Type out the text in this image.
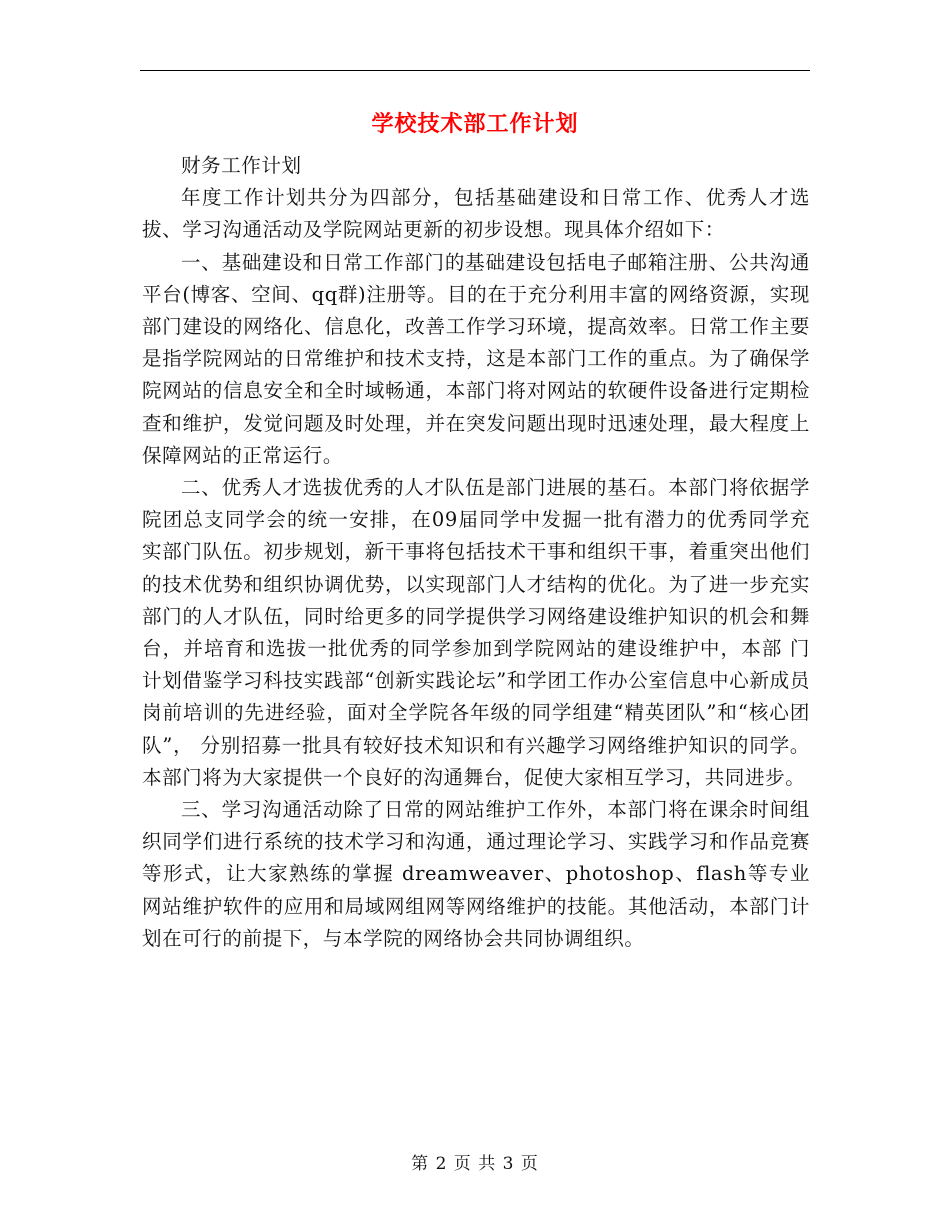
学校技术部工作计划

财务工作计划

年度工作计划共分为四部分，包括基础建设和日常工作、优秀人才选拔、学习沟通活动及学院网站更新的初步设想。现具体介绍如下：

一、基础建设和日常工作部门的基础建设包括电子邮箱注册、公共沟通平台(博客、空间、qq群)注册等。目的在于充分利用丰富的网络资源，实现部门建设的网络化、信息化，改善工作学习环境，提高效率。日常工作主要是指学院网站的日常维护和技术支持，这是本部门工作的重点。为了确保学院网站的信息安全和全时域畅通，本部门将对网站的软硬件设备进行定期检查和维护，发觉问题及时处理，并在突发问题出现时迅速处理，最大程度上保障网站的正常运行。

二、优秀人才选拔优秀的人才队伍是部门进展的基石。本部门将依据学院团总支同学会的统一安排，在09届同学中发掘一批有潜力的优秀同学充实部门队伍。初步规划，新干事将包括技术干事和组织干事，着重突出他们的技术优势和组织协调优势，以实现部门人才结构的优化。为了进一步充实部门的人才队伍，同时给更多的同学提供学习网络建设维护知识的机会和舞台，并培育和选拔一批优秀的同学参加到学院网站的建设维护中，本部 门计划借鉴学习科技实践部“创新实践论坛”和学团工作办公室信息中心新成员岗前培训的先进经验，面对全学院各年级的同学组建“精英团队”和“核心团队”， 分别招募一批具有较好技术知识和有兴趣学习网络维护知识的同学。本部门将为大家提供一个良好的沟通舞台，促使大家相互学习，共同进步。

三、学习沟通活动除了日常的网站维护工作外，本部门将在课余时间组织同学们进行系统的技术学习和沟通，通过理论学习、实践学习和作品竞赛等形式，让大家熟练的掌握 dreamweaver、photoshop、flash等专业网站维护软件的应用和局域网组网等网络维护的技能。其他活动，本部门计划在可行的前提下，与本学院的网络协会共同协调组织。

第 2 页 共 3 页
